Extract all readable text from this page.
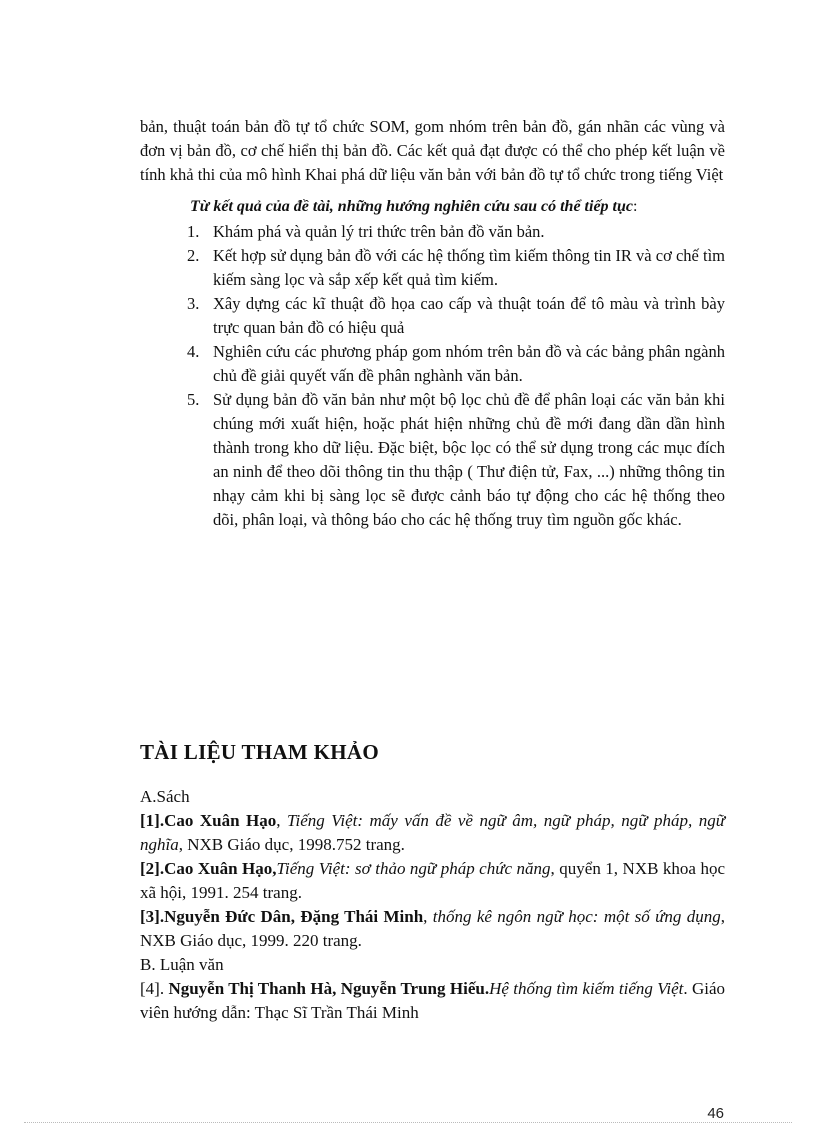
bản, thuật toán bản đồ tự tổ chức SOM, gom nhóm trên bản đồ, gán nhãn các vùng và đơn vị bản đồ, cơ chế hiển thị bản đồ. Các kết quả đạt được có thể cho phép kết luận về tính khả thi của mô hình Khai phá dữ liệu văn bản với bản đồ tự tổ chức trong tiếng Việt

Từ kết quả của đề tài, những hướng nghiên cứu sau có thể tiếp tục:
1. Khám phá và quản lý tri thức trên bản đồ văn bản.
2. Kết hợp sử dụng bản đồ với các hệ thống tìm kiếm thông tin IR và cơ chế tìm kiếm sàng lọc và sắp xếp kết quả tìm kiếm.
3. Xây dựng các kĩ thuật đồ họa cao cấp và thuật toán để tô màu và trình bày trực quan bản đồ có hiệu quả
4. Nghiên cứu các phương pháp gom nhóm trên bản đồ và các bảng phân ngành chủ đề giải quyết vấn đề phân nghành văn bản.
5. Sử dụng bản đồ văn bản như một bộ lọc chủ đề để phân loại các văn bản khi chúng mới xuất hiện, hoặc phát hiện những chủ đề mới đang dần dần hình thành trong kho dữ liệu. Đặc biệt, bộc lọc có thể sử dụng trong các mục đích an ninh để theo dõi thông tin thu thập ( Thư điện tử, Fax, ...) những thông tin nhạy cảm khi bị sàng lọc sẽ được cảnh báo tự động cho các hệ thống theo dõi, phân loại, và thông báo cho các hệ thống truy tìm nguồn gốc khác.
TÀI LIỆU THAM KHẢO

A.Sách

[1].Cao Xuân Hạo, Tiếng Việt: mấy vấn đề về ngữ âm, ngữ pháp, ngữ pháp, ngữ nghĩa, NXB Giáo dục, 1998.752 trang.

[2].Cao Xuân Hạo,Tiếng Việt: sơ thảo ngữ pháp chức năng, quyển 1, NXB khoa học xã hội, 1991. 254 trang.

[3].Nguyễn Đức Dân, Đặng Thái Minh, thống kê ngôn ngữ học: một số ứng dụng, NXB Giáo dục, 1999. 220 trang.

B. Luận văn

[4]. Nguyễn Thị Thanh Hà, Nguyễn Trung Hiếu.Hệ thống tìm kiếm tiếng Việt. Giáo viên hướng dẫn: Thạc Sĩ Trần Thái Minh

46
